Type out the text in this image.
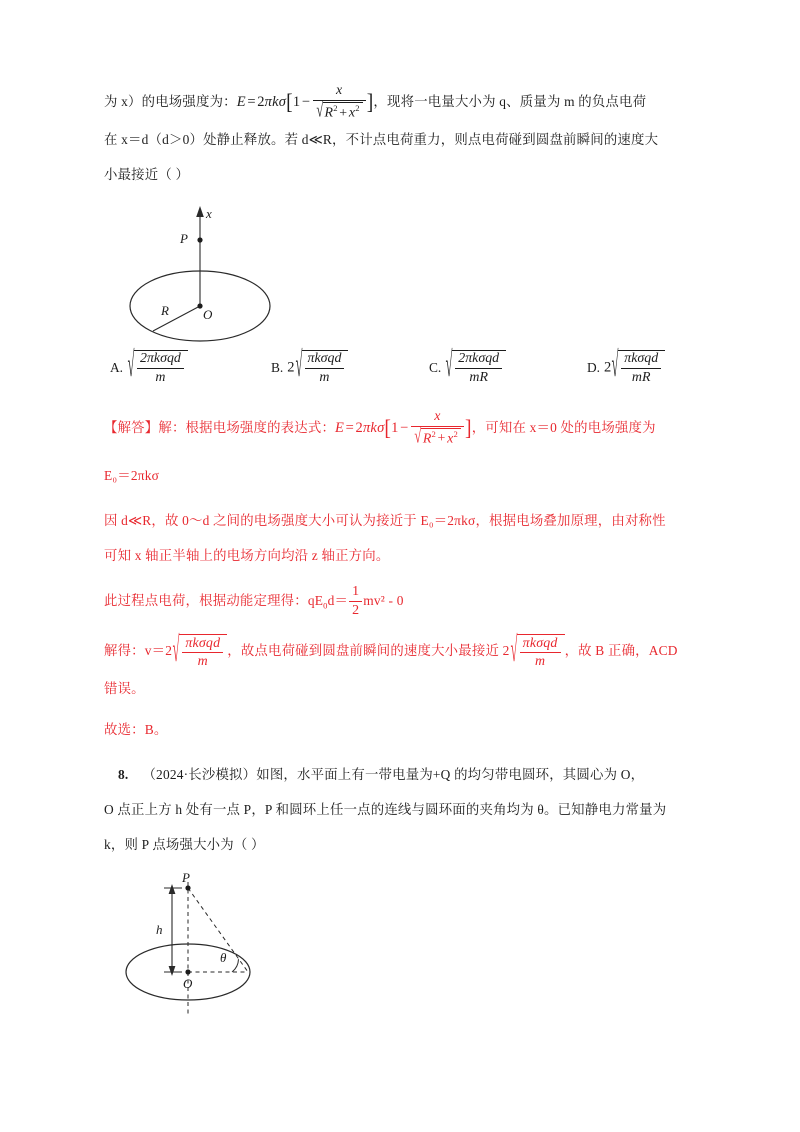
为 x）的电场强度为：$E = 2\pi k\sigma[1 - \frac{x}{√R^2 + x^2}$ ]，现将一电量大小为 q、质量为 m 的负点电荷
在 x＝d（d＞0）处静止释放。若 d≪R，不计点电荷重力，则点电荷碰到圆盘前瞬间的速度大
小最接近（ ）
x
P
O
R
A. √ $\frac{\text{2πkσqd}}{m}$	B. $2√ \frac{\text{πkσqd}}{m}$	C. √ $\frac{\text{2πkσqd}}{mR}$	D. $2√ \frac{\text{πkσqd}}{mR}$
【解答】解：根据电场强度的表达式：$E = 2\pi k\sigma[1 - \frac{x}{√R^2 + x^2}$ ]，可知在 x＝0 处的电场强度为
E₀＝2πkσ
因 d≪R，故 0～d 之间的电场强度大小可认为接近于 E₀＝2πkσ，根据电场叠加原理，由对称性
可知 x 轴正半轴上的电场方向均沿 z 轴正方向。
此过程点电荷，根据动能定理得：$qE_0d= \frac{1}{2} mv^2 - 0$
解得：$v=2√ \frac{\text{πkσqd}}{m}$ ，故点电荷碰到圆盘前瞬间的速度大小最接近 $2√ \frac{\text{πkσqd}}{m}$ ，故 B 正确，ACD
错误。
故选：B。
8. （2024·长沙模拟）如图，水平面上有一带电量为+Q 的均匀带电圆环，其圆心为 O，
O 点正上方 h 处有一点 P，P 和圆环上任一点的连线与圆环面的夹角均为 θ。已知静电力常量为
k，则 P 点场强大小为（ ）
P
h
O
θ
